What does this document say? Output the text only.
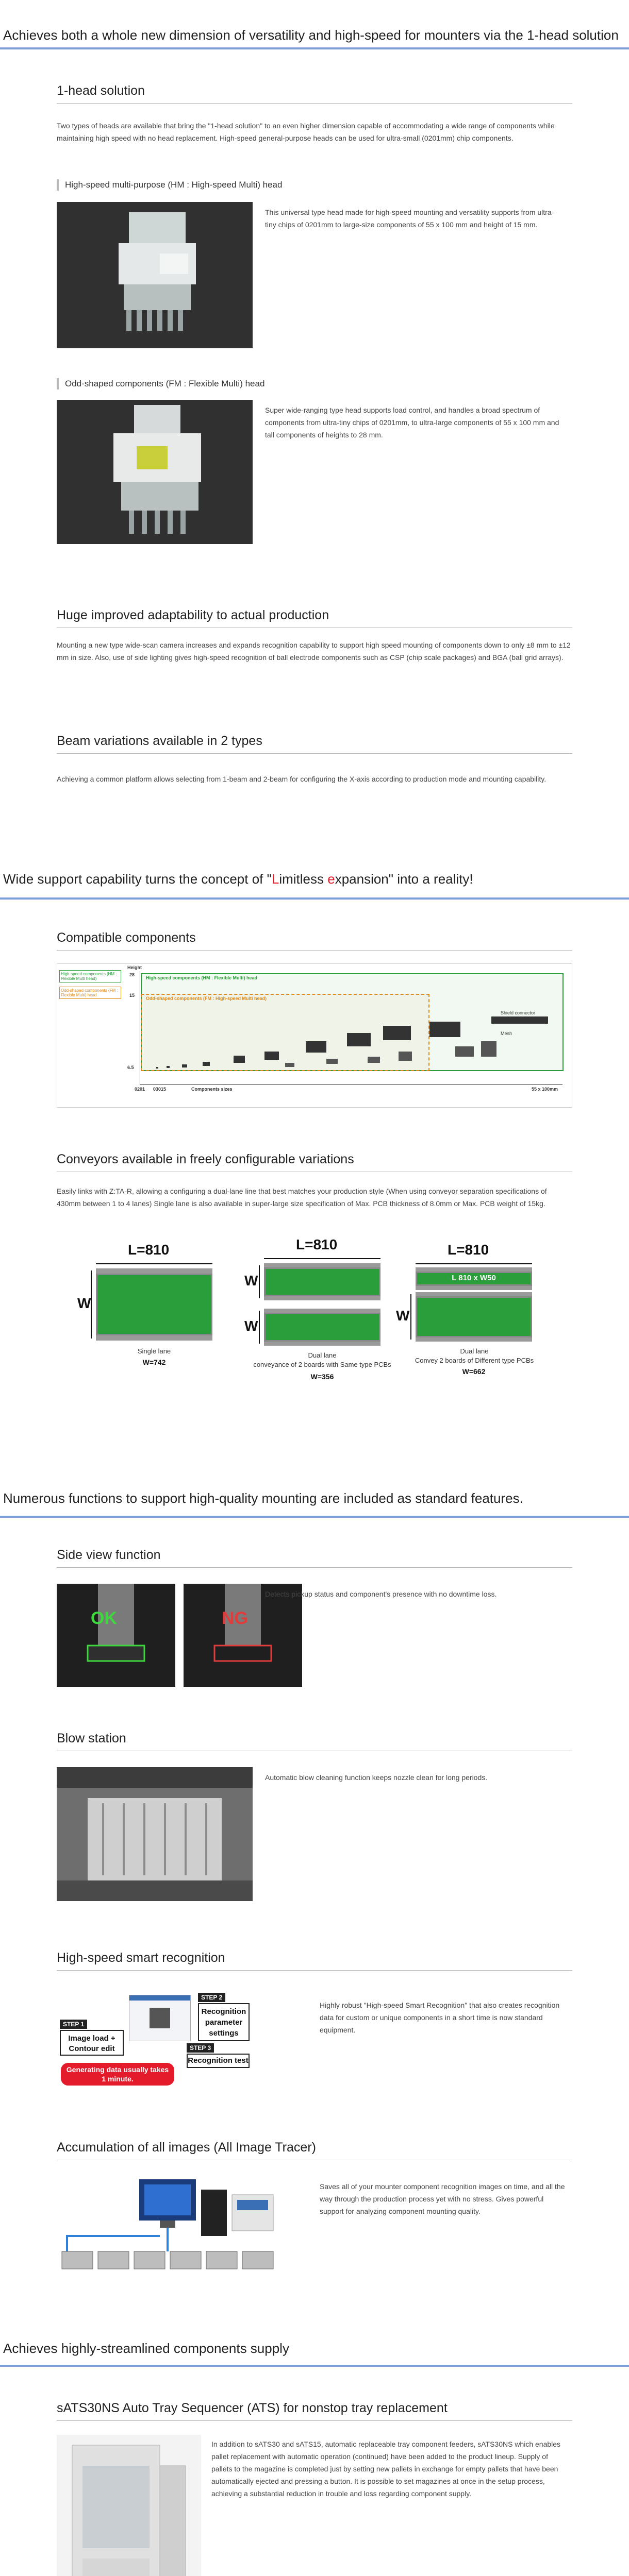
Achieves both a whole new dimension of versatility and high-speed for mounters via the 1-head solution
1-head solution
Two types of heads are available that bring the "1-head solution" to an even higher dimension capable of accommodating a wide range of components while maintaining high speed with no head replacement. High-speed general-purpose heads can be used for ultra-small (0201mm) chip components.
High-speed multi-purpose (HM : High-speed Multi) head
This universal type head made for high-speed mounting and versatility supports from ultra-tiny chips of 0201mm to large-size components of 55 x 100 mm and height of 15 mm.
Odd-shaped components (FM : Flexible Multi) head
Super wide-ranging type head supports load control, and handles a broad spectrum of components from ultra-tiny chips of 0201mm, to ultra-large components of 55 x 100 mm and tall components of heights to 28 mm.
Huge improved adaptability to actual production
Mounting a new type wide-scan camera increases and expands recognition capability to support high speed mounting of components down to only ±8 mm to ±12 mm in size. Also, use of side lighting gives high-speed recognition of ball electrode components such as CSP (chip scale packages) and BGA (ball grid arrays).
Beam variations available in 2 types
Achieving a common platform allows selecting from 1-beam and 2-beam for configuring the X-axis according to production mode and mounting capability.
Wide support capability turns the concept of "Limitless expansion" into a reality!
Compatible components
High-speed components (HM : Flexible Multi head)
Odd-shaped components (FM : Flexible Multi) head
Height
28
15
6.5
High-speed components (HM : Flexible Multi) head
Odd-shaped components (FM : High-speed Multi head)
Shield connector
Mesh
0201 03015	Components sizes	55 x 100mm
Conveyors available in freely configurable variations
Easily links with Z:TA-R, allowing a configuring a dual-lane line that best matches your production style (When using conveyor separation specifications of 430mm between 1 to 4 lanes) Single lane is also available in super-large size specification of Max. PCB thickness of 8.0mm or Max. PCB weight of 15kg.
L=810
W
Single lane
W=742
L=810
W
W
Dual lane
conveyance of 2 boards with Same type PCBs
W=356
L=810
L 810 x W50
W
Dual lane
Convey 2 boards of Different type PCBs
W=662
Numerous functions to support high-quality mounting are included as standard features.
Side view function
OK	NG
Detects pickup status and component's presence with no downtime loss.
Blow station
Automatic blow cleaning function keeps nozzle clean for long periods.
High-speed smart recognition
STEP 1
Image load + Contour edit
STEP 2
Recognition parameter settings
STEP 3
Recognition test
Generating data usually takes 1 minute.
Highly robust "High-speed Smart Recognition" that also creates recognition data for custom or unique components in a short time is now standard equipment.
Accumulation of all images (All Image Tracer)
Saves all of your mounter component recognition images on time, and all the way through the production process yet with no stress. Gives powerful support for analyzing component mounting quality.
Achieves highly-streamlined components supply
sATS30NS Auto Tray Sequencer (ATS) for nonstop tray replacement
In addition to sATS30 and sATS15, automatic replaceable tray component feeders, sATS30NS which enables pallet replacement with automatic operation (continued) have been added to the product lineup. Supply of pallets to the magazine is completed just by setting new pallets in exchange for empty pallets that have been automatically ejected and pressing a button. It is possible to set magazines at once in the setup process, achieving a substantial reduction in trouble and loss regarding component supply.
